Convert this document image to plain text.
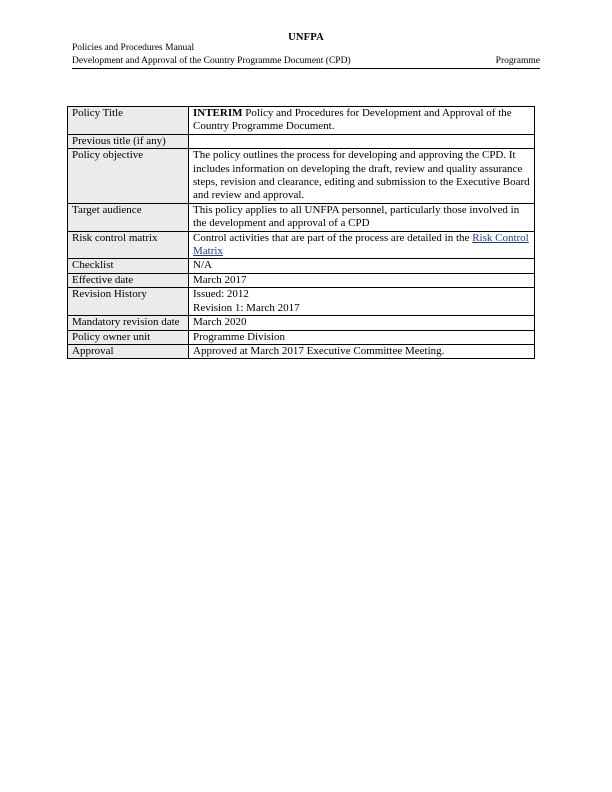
UNFPA
Policies and Procedures Manual
Development and Approval of the Country Programme Document (CPD)	Programme
Policy Title	INTERIM Policy and Procedures for Development and Approval of the Country Programme Document.
Previous title (if any)	
Policy objective	The policy outlines the process for developing and approving the CPD. It includes information on developing the draft, review and quality assurance steps, revision and clearance, editing and submission to the Executive Board and review and approval.
Target audience	This policy applies to all UNFPA personnel, particularly those involved in the development and approval of a CPD
Risk control matrix	Control activities that are part of the process are detailed in the Risk Control Matrix
Checklist	N/A
Effective date	March 2017
Revision History	Issued: 2012
Revision 1: March 2017

Mandatory revision date	March 2020
Policy owner unit	Programme Division
Approval	Approved at March 2017 Executive Committee Meeting.
